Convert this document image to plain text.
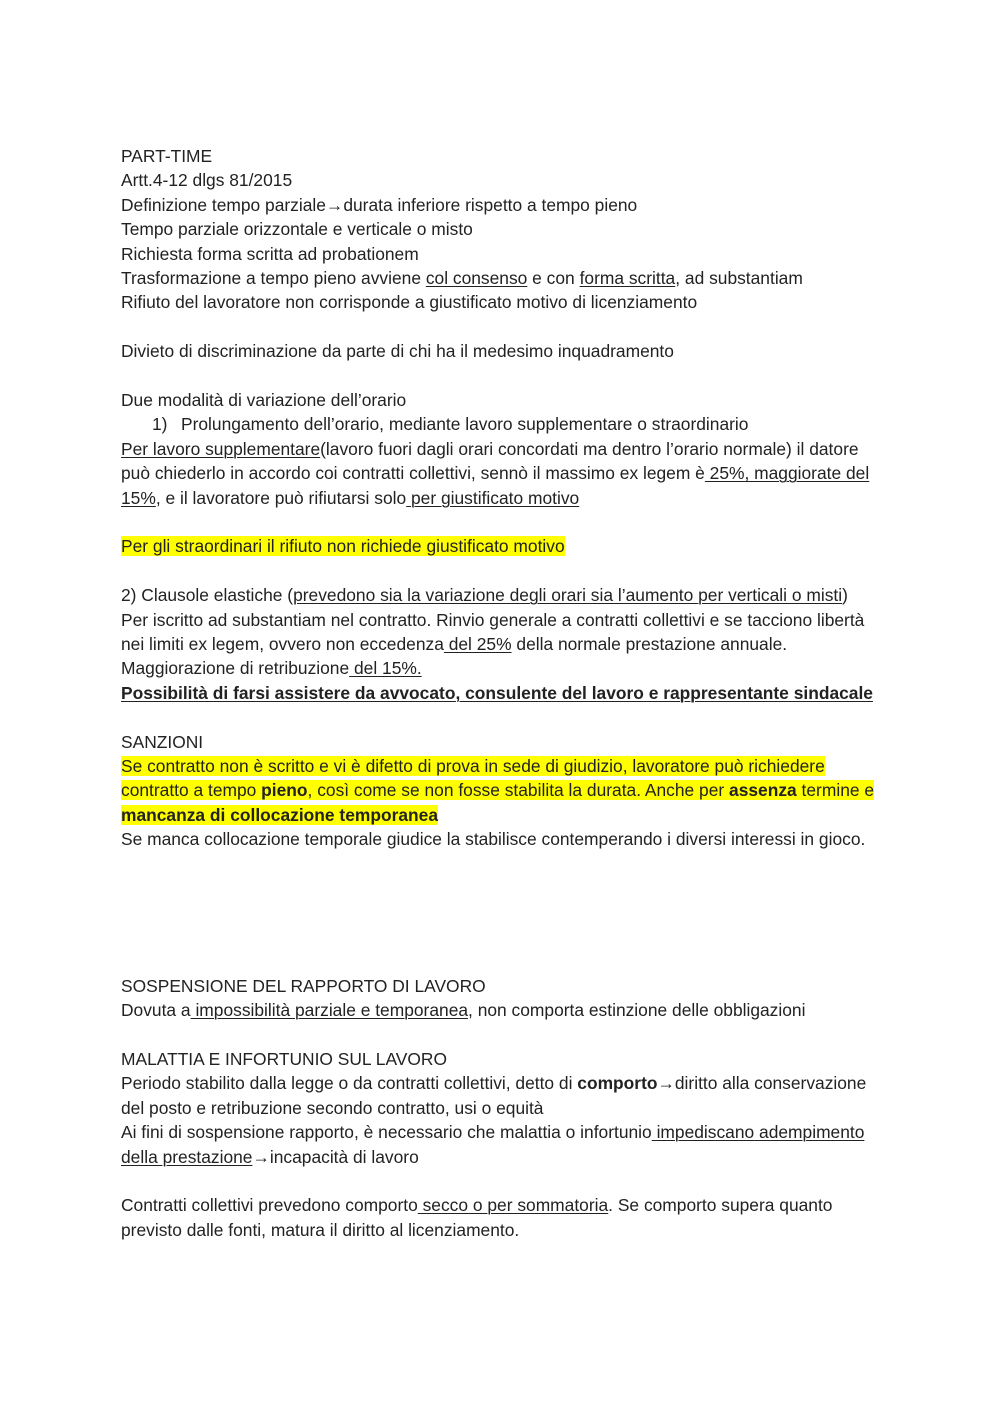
PART-TIME

Artt.4-12 dlgs 81/2015

Definizione tempo parziale→durata inferiore rispetto a tempo pieno

Tempo parziale orizzontale e verticale o misto

Richiesta forma scritta ad probationem

Trasformazione a tempo pieno avviene col consenso e con forma scritta, ad substantiam

Rifiuto del lavoratore non corrisponde a giustificato motivo di licenziamento

Divieto di discriminazione da parte di chi ha il medesimo inquadramento

Due modalità di variazione dell’orario

1) Prolungamento dell’orario, mediante lavoro supplementare o straordinario

Per lavoro supplementare(lavoro fuori dagli orari concordati ma dentro l’orario normale) il datore può chiederlo in accordo coi contratti collettivi, sennò il massimo ex legem è 25%, maggiorate del 15%, e il lavoratore può rifiutarsi solo per giustificato motivo

Per gli straordinari il rifiuto non richiede giustificato motivo

2) Clausole elastiche (prevedono sia la variazione degli orari sia l’aumento per verticali o misti)

Per iscritto ad substantiam nel contratto. Rinvio generale a contratti collettivi e se tacciono libertà nei limiti ex legem, ovvero non eccedenza del 25% della normale prestazione annuale. Maggiorazione di retribuzione del 15%.

Possibilità di farsi assistere da avvocato, consulente del lavoro e rappresentante sindacale

SANZIONI

Se contratto non è scritto e vi è difetto di prova in sede di giudizio, lavoratore può richiedere contratto a tempo pieno, così come se non fosse stabilita la durata. Anche per assenza termine e mancanza di collocazione temporanea

Se manca collocazione temporale giudice la stabilisce contemperando i diversi interessi in gioco.

SOSPENSIONE DEL RAPPORTO DI LAVORO

Dovuta a impossibilità parziale e temporanea, non comporta estinzione delle obbligazioni

MALATTIA E INFORTUNIO SUL LAVORO

Periodo stabilito dalla legge o da contratti collettivi, detto di comporto→diritto alla conservazione del posto e retribuzione secondo contratto, usi o equità

Ai fini di sospensione rapporto, è necessario che malattia o infortunio impediscano adempimento della prestazione→incapacità di lavoro

Contratti collettivi prevedono comporto secco o per sommatoria. Se comporto supera quanto previsto dalle fonti, matura il diritto al licenziamento.
